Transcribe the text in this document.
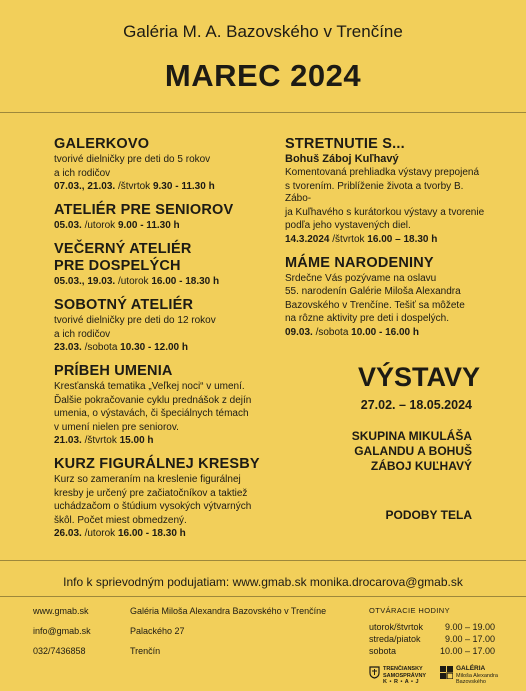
Galéria M. A. Bazovského v Trenčíne
MAREC 2024
GALERKOVO
tvorivé dielničky pre deti do 5 rokov
a ich rodičov
07.03., 21.03. /štvrtok 9.30 - 11.30 h
ATELIÉR PRE SENIOROV
05.03. /utorok 9.00 - 11.30 h
VEČERNÝ ATELIÉR
PRE DOSPELÝCH
05.03., 19.03. /utorok 16.00 - 18.30 h
SOBOTNÝ ATELIÉR
tvorivé dielničky pre deti do 12 rokov
a ich rodičov
23.03. /sobota 10.30 - 12.00 h
PRÍBEH UMENIA
Kresťanská tematika „Veľkej noci“ v umení.
Ďalšie pokračovanie cyklu prednášok z dejín
umenia, o výstavách, či špeciálnych témach
v umení nielen pre seniorov.
21.03. /štvrtok 15.00 h
KURZ FIGURÁLNEJ KRESBY
Kurz so zameraním na kreslenie figurálnej
kresby je určený pre začiatočníkov a taktiež
uchádzačom o štúdium vysokých výtvarných
škôl. Počet miest obmedzený.
26.03. /utorok 16.00 - 18.30 h
STRETNUTIE S...
Bohuš Zábој Kuľhavý
Komentovaná prehliadka výstavy prepojená
s tvorením. Priblíženie života a tvorby B. Zábo-
ja Kuľhavého s kurátorkou výstavy a tvorenie
podľa jeho vystavených diel.
14.3.2024 /štvrtok 16.00 – 18.30 h
MÁME NARODENINY
Srdečne Vás pozývame na oslavu
55. narodenín Galérie Miloša Alexandra
Bazovského v Trenčíne. Tešiť sa môžete
na rôzne aktivity pre deti i dospelých.
09.03. /sobota 10.00 - 16.00 h
VÝSTAVY
27.02. – 18.05.2024
SKUPINA MIKULÁŠA
GALANDU A BOHUŠ
ZÁBOJ KUĽHAVÝ
PODOBY TELA
Info k sprievodným podujatiam: www.gmab.sk monika.drocarova@gmab.sk
www.gmab.sk
info@gmab.sk
032/7436858
Galéria Miloša Alexandra Bazovského v Trenčíne
Palackého 27
Trenčín
OTVÁRACIE HODINY
utorok/štvrtok 9.00 – 19.00
streda/piatok	9.00 – 17.00
sobota	10.00 – 17.00
TRENČIANSKY
SAMOSPRÁVNY
K • R • A • J
GALÉRIA
Miloša Alexandra
Bazovského
